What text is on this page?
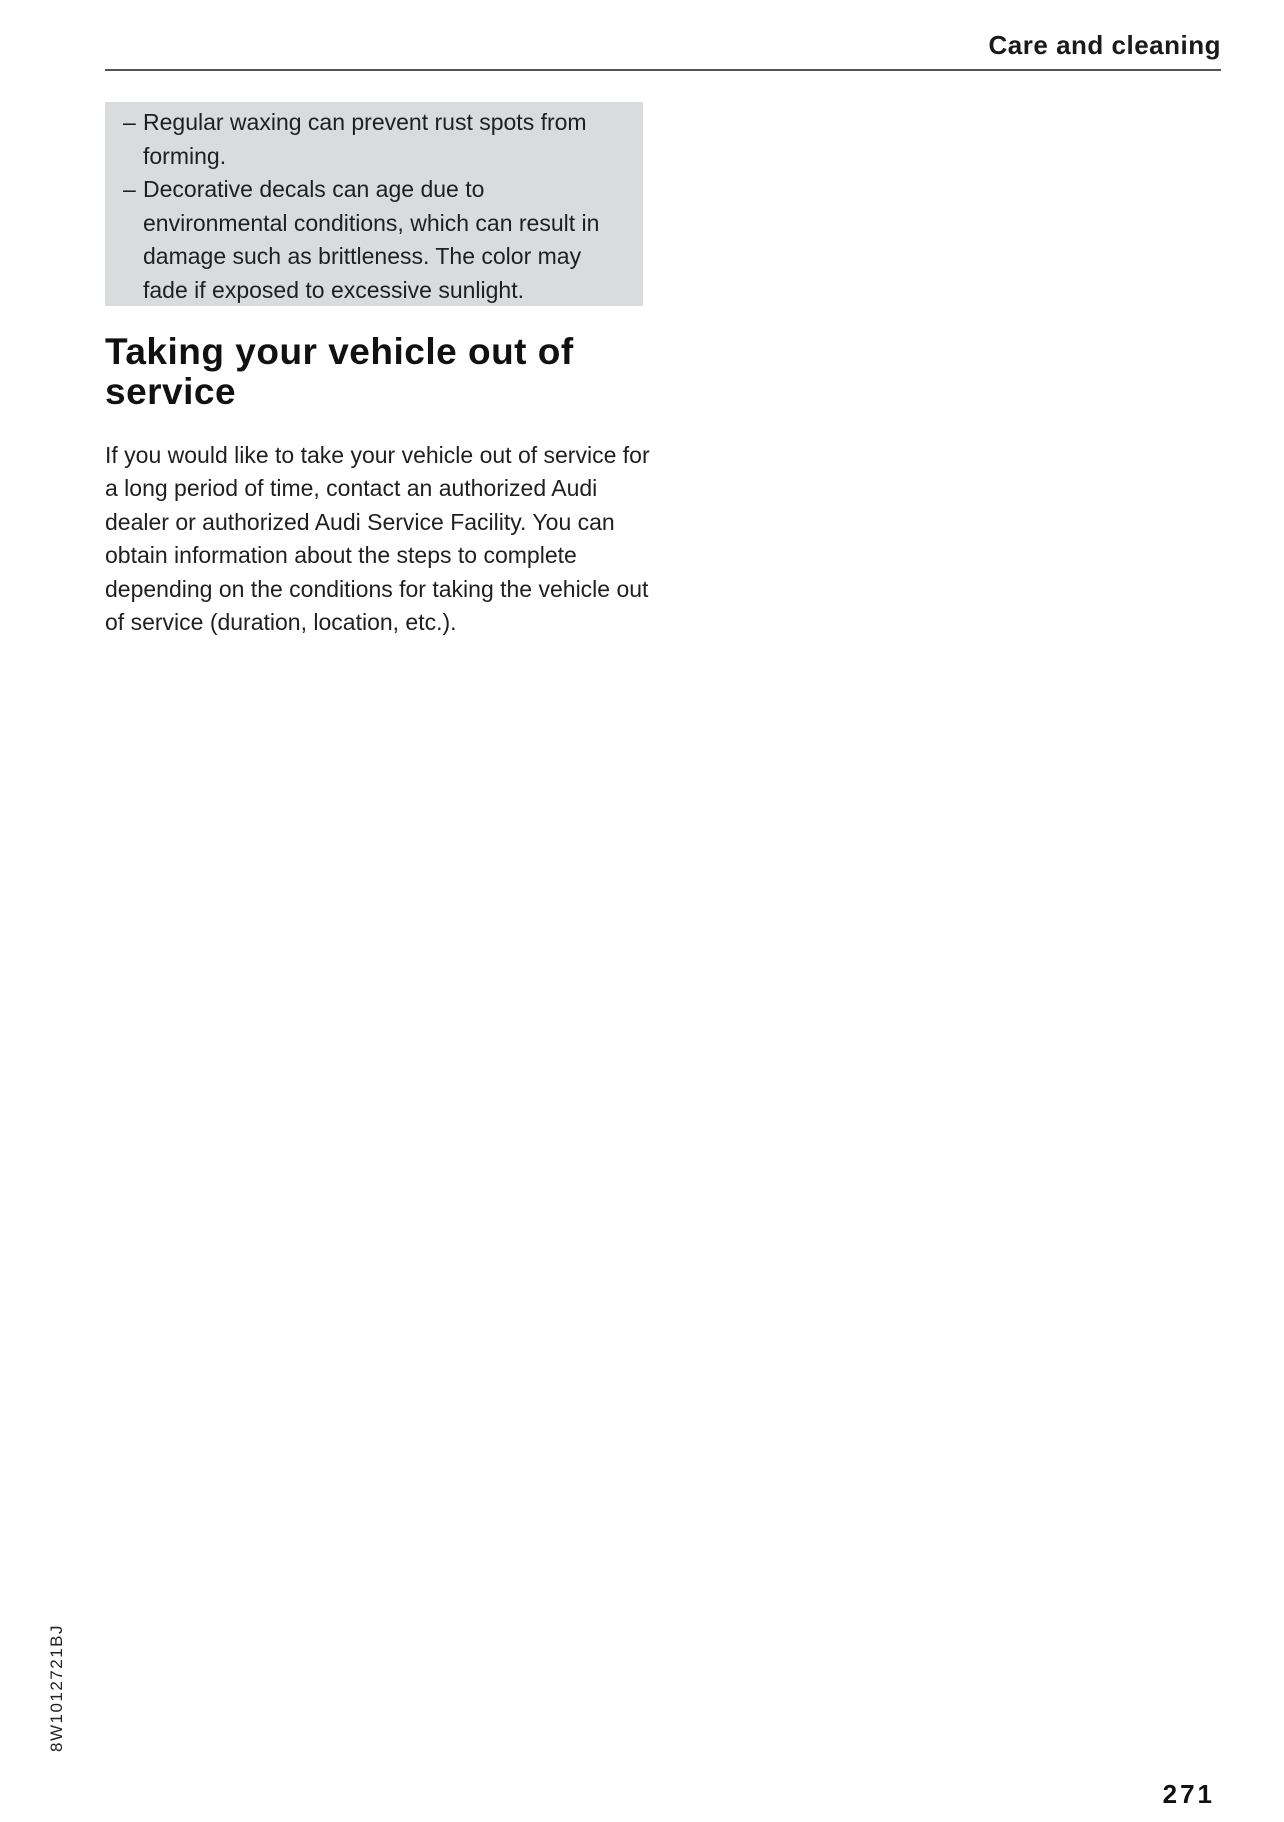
Care and cleaning
– Regular waxing can prevent rust spots from forming.
– Decorative decals can age due to environmental conditions, which can result in damage such as brittleness. The color may fade if exposed to excessive sunlight.
Taking your vehicle out of service

If you would like to take your vehicle out of service for a long period of time, contact an authorized Audi dealer or authorized Audi Service Facility. You can obtain information about the steps to complete depending on the conditions for taking the vehicle out of service (duration, location, etc.).

8W1012721BJ
271
